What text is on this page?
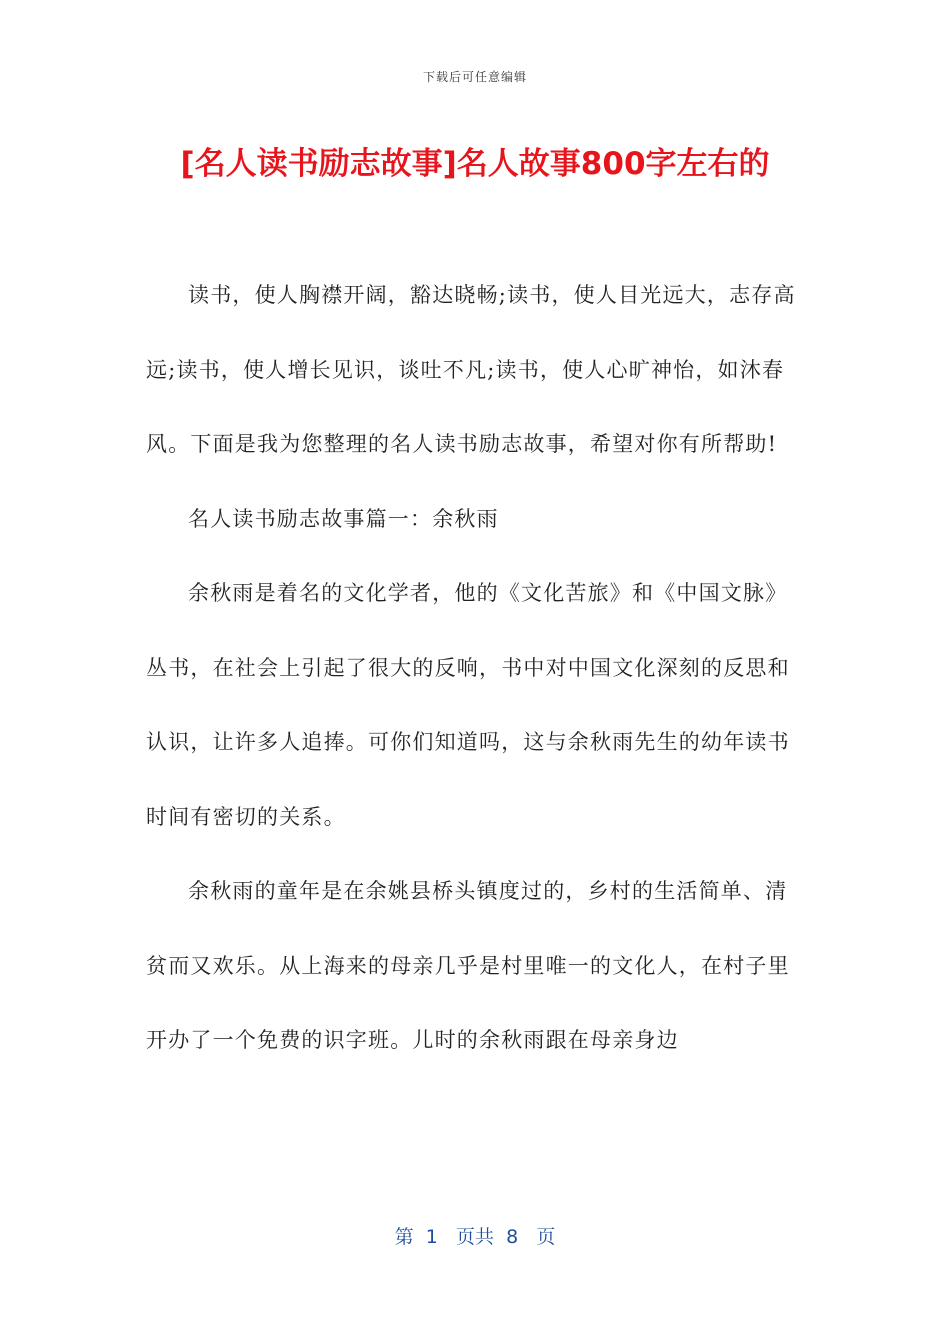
下载后可任意编辑
[名人读书励志故事]名人故事800字左右的

读书，使人胸襟开阔，豁达晓畅;读书，使人目光远大，志存高远;读书，使人增长见识，谈吐不凡;读书，使人心旷神怡，如沐春风。下面是我为您整理的名人读书励志故事，希望对你有所帮助!

名人读书励志故事篇一：余秋雨

余秋雨是着名的文化学者，他的《文化苦旅》和《中国文脉》丛书，在社会上引起了很大的反响，书中对中国文化深刻的反思和认识，让许多人追捧。可你们知道吗，这与余秋雨先生的幼年读书时间有密切的关系。

余秋雨的童年是在余姚县桥头镇度过的，乡村的生活简单、清贫而又欢乐。从上海来的母亲几乎是村里唯一的文化人，在村子里开办了一个免费的识字班。儿时的余秋雨跟在母亲身边

第 1 页共 8 页
